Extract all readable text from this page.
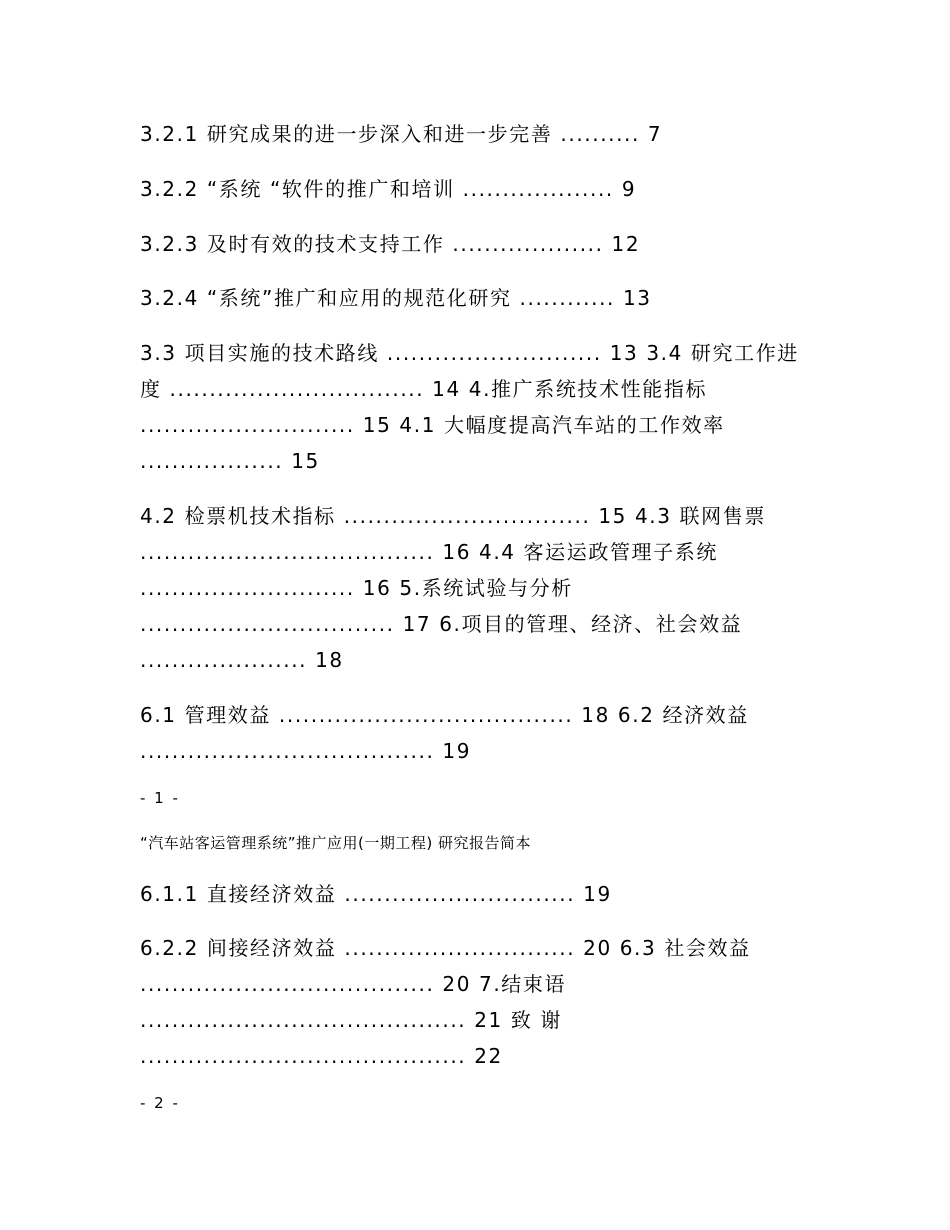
3.2.1 研究成果的进一步深入和进一步完善 .......... 7

3.2.2 “系统 “软件的推广和培训 ................... 9

3.2.3 及时有效的技术支持工作 ................... 12

3.2.4 “系统”推广和应用的规范化研究 ............ 13

3.3 项目实施的技术路线 ........................... 13 3.4 研究工作进度 ................................ 14 4.推广系统技术性能指标 ........................... 15 4.1 大幅度提高汽车站的工作效率 .................. 15

4.2 检票机技术指标 ............................... 15 4.3 联网售票 ..................................... 16 4.4 客运运政管理子系统 ........................... 16 5.系统试验与分析 ................................ 17 6.项目的管理、经济、社会效益 ..................... 18

6.1 管理效益 ..................................... 18 6.2 经济效益 ..................................... 19

- 1 -

“汽车站客运管理系统”推广应用(一期工程) 研究报告简本

6.1.1 直接经济效益 ............................. 19

6.2.2 间接经济效益 ............................. 20 6.3 社会效益 ..................................... 20 7.结束语 ......................................... 21 致 谢 ......................................... 22

- 2 -
